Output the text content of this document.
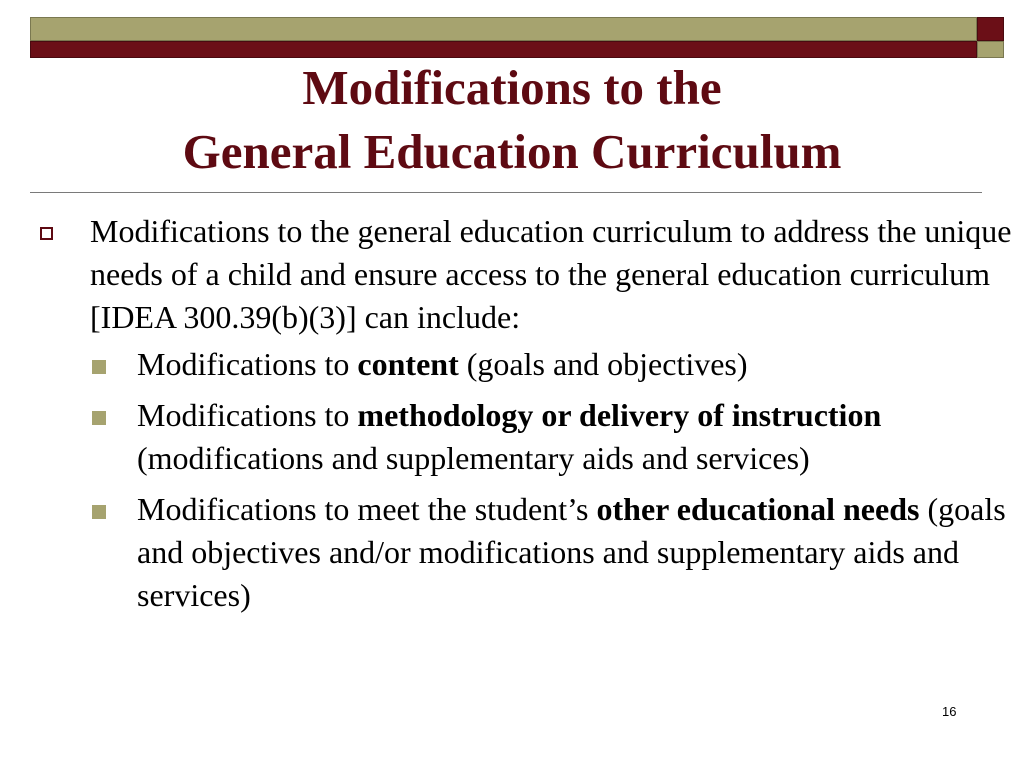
Modifications to the
General Education Curriculum
Modifications to the general education curriculum to address the unique needs of a child and ensure access to the general education curriculum [IDEA 300.39(b)(3)] can include:
Modifications to content (goals and objectives)
Modifications to methodology or delivery of instruction (modifications and supplementary aids and services)
Modifications to meet the student’s other educational needs (goals and objectives and/or modifications and supplementary aids and services)
16
